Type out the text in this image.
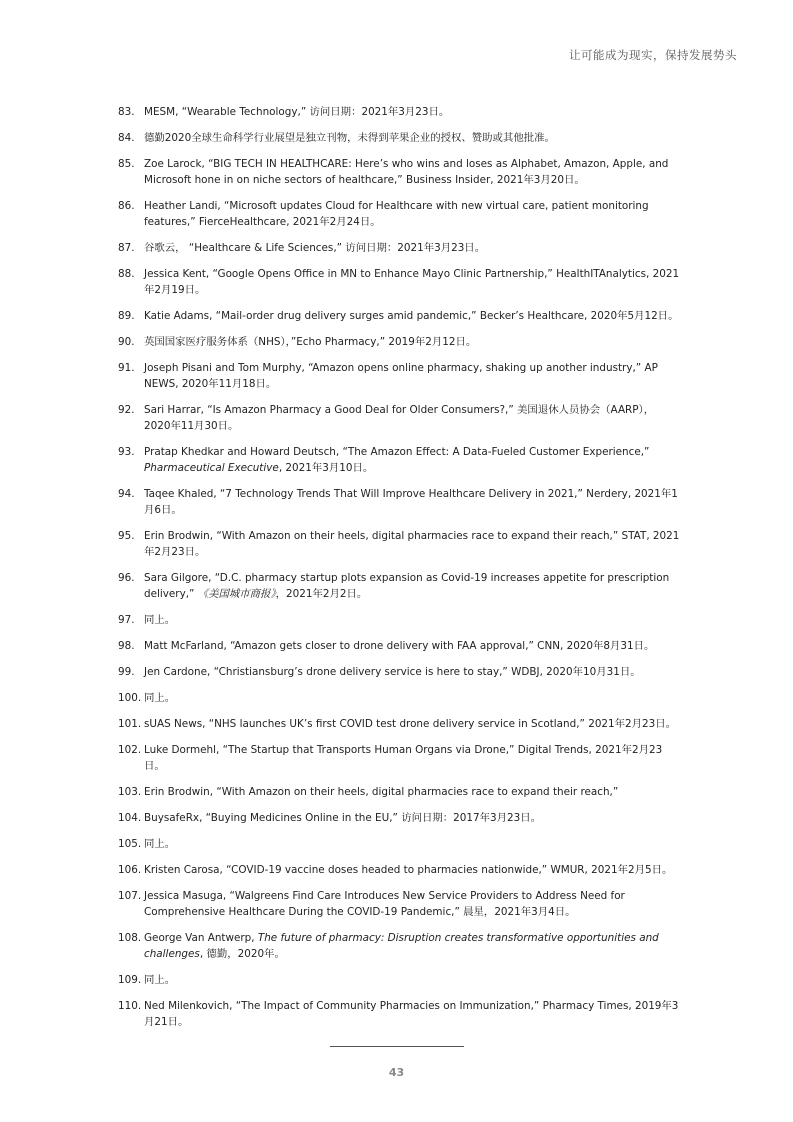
让可能成为现实，保持发展势头
83. MESM, “Wearable Technology,” 访问日期：2021年3月23日。
84. 德勤2020全球生命科学行业展望是独立刊物，未得到苹果企业的授权、赞助或其他批准。
85. Zoe Larock, “BIG TECH IN HEALTHCARE: Here’s who wins and loses as Alphabet, Amazon, Apple, and Microsoft hone in on niche sectors of healthcare,” Business Insider, 2021年3月20日。
86. Heather Landi, “Microsoft updates Cloud for Healthcare with new virtual care, patient monitoring features,” FierceHealthcare, 2021年2月24日。
87. 谷歌云， “Healthcare & Life Sciences,” 访问日期：2021年3月23日。
88. Jessica Kent, “Google Opens Office in MN to Enhance Mayo Clinic Partnership,” HealthITAnalytics, 2021年2月19日。
89. Katie Adams, “Mail-order drug delivery surges amid pandemic,” Becker’s Healthcare, 2020年5月12日。
90. 英国国家医疗服务体系（NHS），”Echo Pharmacy,” 2019年2月12日。
91. Joseph Pisani and Tom Murphy, “Amazon opens online pharmacy, shaking up another industry,” AP NEWS, 2020年11月18日。
92. Sari Harrar, “Is Amazon Pharmacy a Good Deal for Older Consumers?,” 美国退休人员协会（AARP），2020年11月30日。
93. Pratap Khedkar and Howard Deutsch, “The Amazon Effect: A Data-Fueled Customer Experience,” Pharmaceutical Executive, 2021年3月10日。
94. Taqee Khaled, “7 Technology Trends That Will Improve Healthcare Delivery in 2021,” Nerdery, 2021年1月6日。
95. Erin Brodwin, “With Amazon on their heels, digital pharmacies race to expand their reach,” STAT, 2021年2月23日。
96. Sara Gilgore, “D.C. pharmacy startup plots expansion as Covid-19 increases appetite for prescription delivery,” 《美国城市商报》，2021年2月2日。
97. 同上。
98. Matt McFarland, “Amazon gets closer to drone delivery with FAA approval,” CNN, 2020年8月31日。
99. Jen Cardone, “Christiansburg’s drone delivery service is here to stay,” WDBJ, 2020年10月31日。
100. 同上。
101. sUAS News, “NHS launches UK’s first COVID test drone delivery service in Scotland,” 2021年2月23日。
102. Luke Dormehl, “The Startup that Transports Human Organs via Drone,” Digital Trends, 2021年2月23日。
103. Erin Brodwin, “With Amazon on their heels, digital pharmacies race to expand their reach,”
104. BuysafeRx, “Buying Medicines Online in the EU,” 访问日期：2017年3月23日。
105. 同上。
106. Kristen Carosa, “COVID-19 vaccine doses headed to pharmacies nationwide,” WMUR, 2021年2月5日。
107. Jessica Masuga, “Walgreens Find Care Introduces New Service Providers to Address Need for Comprehensive Healthcare During the COVID-19 Pandemic,” 晨星，2021年3月4日。
108. George Van Antwerp, The future of pharmacy: Disruption creates transformative opportunities and challenges, 德勤，2020年。
109. 同上。
110. Ned Milenkovich, “The Impact of Community Pharmacies on Immunization,” Pharmacy Times, 2019年3月21日。
43
